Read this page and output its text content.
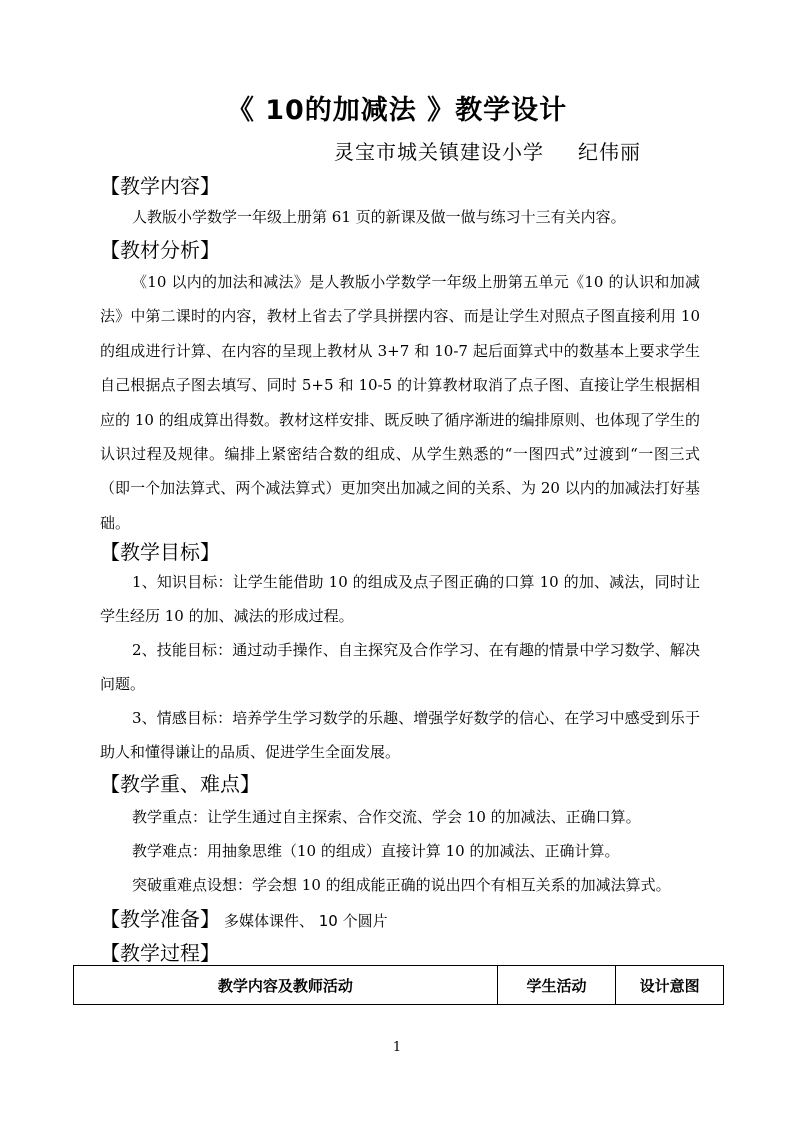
《 10的加减法 》教学设计
灵宝市城关镇建设小学 纪伟丽
【教学内容】
人教版小学数学一年级上册第 61 页的新课及做一做与练习十三有关内容。
【教材分析】
《10 以内的加法和减法》是人教版小学数学一年级上册第五单元《10 的认识和加减法》中第二课时的内容，教材上省去了学具拼摆内容、而是让学生对照点子图直接利用 10 的组成进行计算、在内容的呈现上教材从 3+7 和 10-7 起后面算式中的数基本上要求学生自己根据点子图去填写、同时 5+5 和 10-5 的计算教材取消了点子图、直接让学生根据相应的 10 的组成算出得数。教材这样安排、既反映了循序渐进的编排原则、也体现了学生的认识过程及规律。编排上紧密结合数的组成、从学生熟悉的“一图四式”过渡到“一图三式（即一个加法算式、两个减法算式）更加突出加减之间的关系、为 20 以内的加减法打好基础。
【教学目标】
1、知识目标：让学生能借助 10 的组成及点子图正确的口算 10 的加、减法，同时让学生经历 10 的加、减法的形成过程。
2、技能目标：通过动手操作、自主探究及合作学习、在有趣的情景中学习数学、解决问题。
3、情感目标：培养学生学习数学的乐趣、增强学好数学的信心、在学习中感受到乐于助人和懂得谦让的品质、促进学生全面发展。
【教学重、难点】
教学重点：让学生通过自主探索、合作交流、学会 10 的加减法、正确口算。
教学难点：用抽象思维（10 的组成）直接计算 10 的加减法、正确计算。
突破重难点设想：学会想 10 的组成能正确的说出四个有相互关系的加减法算式。
【教学准备】 多媒体课件、 10 个圆片
【教学过程】
教学内容及教师活动	学生活动	设计意图
1
